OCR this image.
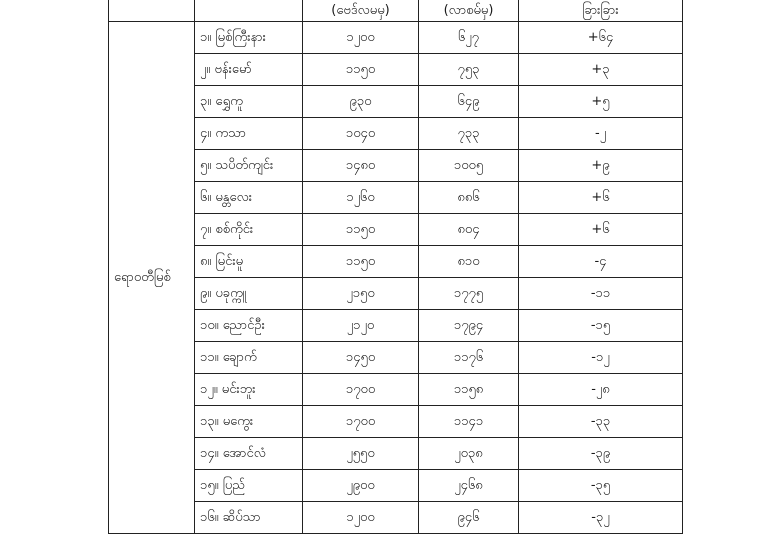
		(ဗေဒ်လမမှ)	(လာစမ်မှ)	ခြားခြား
ရောဝတီမြစ်	၁။ မြစ်ကြီးနား	၁၂၀၀	၆၂၇	+၆၄
	၂။ ဗန်းမော်	၁၁၅၀	၇၅၃	+၃
	၃။ ရွှေကူ	၉၃၀	၆၄၉	+၅
	၄။ ကသာ	၁၀၄၀	၇၃၃	-၂
	၅။ သပိတ်ကျင်း	၁၄၈၀	၁၀၀၅	+၉
	၆။ မန္တလေး	၁၂၆၀	၈၈၆	+၆
	၇။ စစ်ကိုင်း	၁၁၅၀	၈၀၄	+၆
	၈။ မြင်းမူ	၁၁၅၀	၈၁၀	-၄
	၉။ ပခုက္ကူ	၂၁၅၀	၁၇၇၅	-၁၁
	၁၀။ ညောင်ဦး	၂၁၂၀	၁၇၉၄	-၁၅
	၁၁။ ချောက်	၁၄၅၀	၁၁၇၆	-၁၂
	၁၂။ မင်းဘူး	၁၇၀၀	၁၁၅၈	-၂၈
	၁၃။ မကွေး	၁၇၀၀	၁၁၄၁	-၃၃
	၁၄။ အောင်လံ	၂၅၅၀	၂၀၃၈	-၃၉
	၁၅။ ပြည်	၂၉၀၀	၂၄၆၈	-၃၅
	၁၆။ ဆိပ်သာ	၁၂၀၀	၉၄၆	-၃၂
